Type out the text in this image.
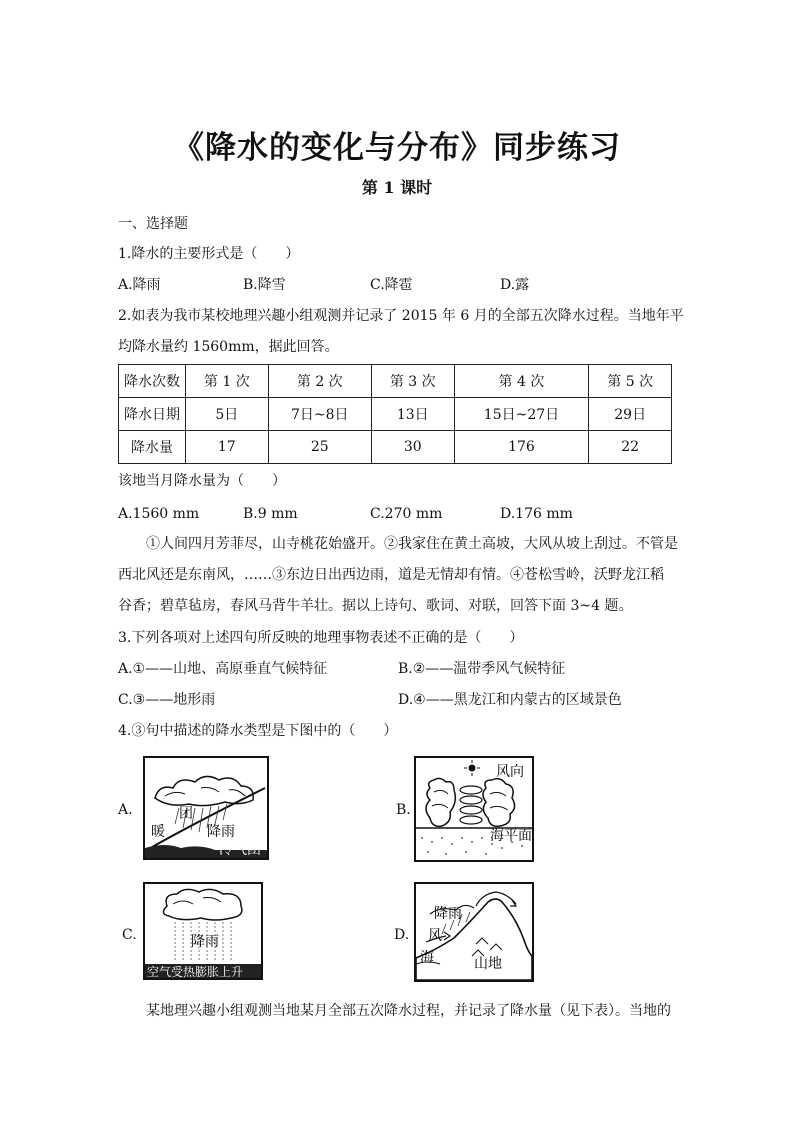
《降水的变化与分布》同步练习
第 1 课时
一、选择题
1.降水的主要形式是（　　）
A.降雨	B.降雪	C.降雹	D.露
2.如表为我市某校地理兴趣小组观测并记录了 2015 年 6 月的全部五次降水过程。当地年平
均降水量约 1560mm，据此回答。
降水次数	第 1 次	第 2 次	第 3 次	第 4 次	第 5 次
降水日期	5日	7日~8日	13日	15日~27日	29日
降水量	17	25	30	176	22
该地当月降水量为（　　）
A.1560 mm	B.9 mm	C.270 mm	D.176 mm
①人间四月芳菲尽，山寺桃花始盛开。②我家住在黄土高坡，大风从坡上刮过。不管是
西北风还是东南风，……③东边日出西边雨，道是无情却有情。④苍松雪岭，沃野龙江稻
谷香；碧草毡房，春风马背牛羊壮。据以上诗句、歌词、对联，回答下面 3~4 题。
3.下列各项对上述四句所反映的地理事物表述不正确的是（　　）
A.①——山地、高原垂直气候特征	B.②——温带季风气候特征
C.③——地形雨	D.④——黑龙江和内蒙古的区域景色
4.③句中描述的降水类型是下图中的（　　）
A.	团
暖	降雨
冷气团
B.
风向
海平面
C.	降雨
空气受热膨胀上升
D.
降雨
风
海	山地
某地理兴趣小组观测当地某月全部五次降水过程，并记录了降水量（见下表）。当地的
